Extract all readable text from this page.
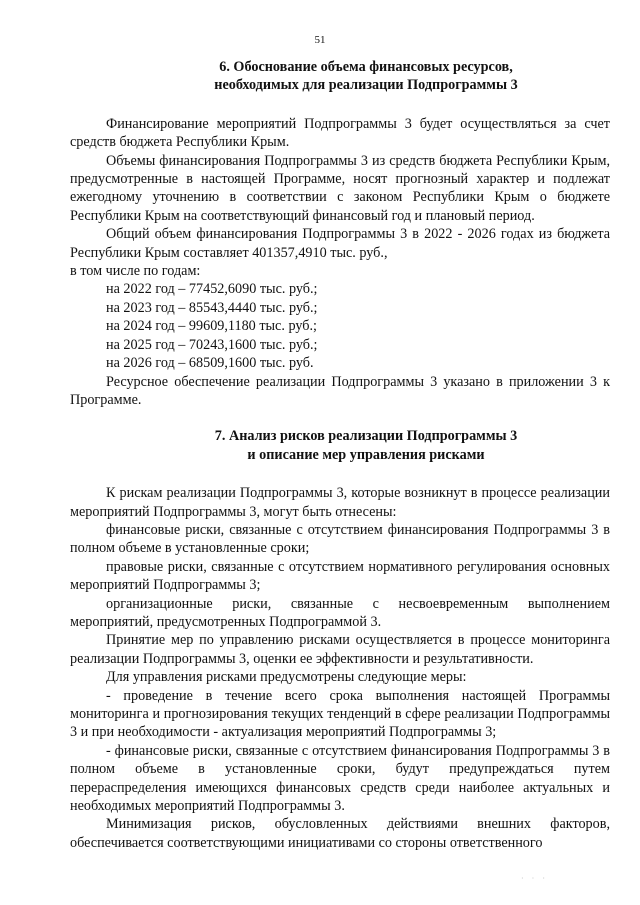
51
6. Обоснование объема финансовых ресурсов,
необходимых для реализации Подпрограммы 3

Финансирование мероприятий Подпрограммы 3 будет осуществляться за счет средств бюджета Республики Крым.

Объемы финансирования Подпрограммы 3 из средств бюджета Республики Крым, предусмотренные в настоящей Программе, носят прогнозный характер и подлежат ежегодному уточнению в соответствии с законом Республики Крым о бюджете Республики Крым на соответствующий финансовый год и плановый период.

Общий объем финансирования Подпрограммы 3 в 2022 - 2026 годах из бюджета Республики Крым составляет 401357,4910 тыс. руб.,

в том числе по годам:

на 2022 год – 77452,6090 тыс. руб.;
на 2023 год – 85543,4440 тыс. руб.;
на 2024 год – 99609,1180 тыс. руб.;
на 2025 год – 70243,1600 тыс. руб.;
на 2026 год – 68509,1600 тыс. руб.

Ресурсное обеспечение реализации Подпрограммы 3 указано в приложении 3 к Программе.

7. Анализ рисков реализации Подпрограммы 3
и описание мер управления рисками

К рискам реализации Подпрограммы 3, которые возникнут в процессе реализации мероприятий Подпрограммы 3, могут быть отнесены:

финансовые риски, связанные с отсутствием финансирования Подпрограммы 3 в полном объеме в установленные сроки;

правовые риски, связанные с отсутствием нормативного регулирования основных мероприятий Подпрограммы 3;

организационные риски, связанные с несвоевременным выполнением мероприятий, предусмотренных Подпрограммой 3.

Принятие мер по управлению рисками осуществляется в процессе мониторинга реализации Подпрограммы 3, оценки ее эффективности и результативности.

Для управления рисками предусмотрены следующие меры:

- проведение в течение всего срока выполнения настоящей Программы мониторинга и прогнозирования текущих тенденций в сфере реализации Подпрограммы 3 и при необходимости - актуализация мероприятий Подпрограммы 3;

- финансовые риски, связанные с отсутствием финансирования Подпрограммы 3 в полном объеме в установленные сроки, будут предупреждаться путем перераспределения имеющихся финансовых средств среди наиболее актуальных и необходимых мероприятий Подпрограммы 3.

Минимизация рисков, обусловленных действиями внешних факторов, обеспечивается соответствующими инициативами со стороны ответственного

· · ·
